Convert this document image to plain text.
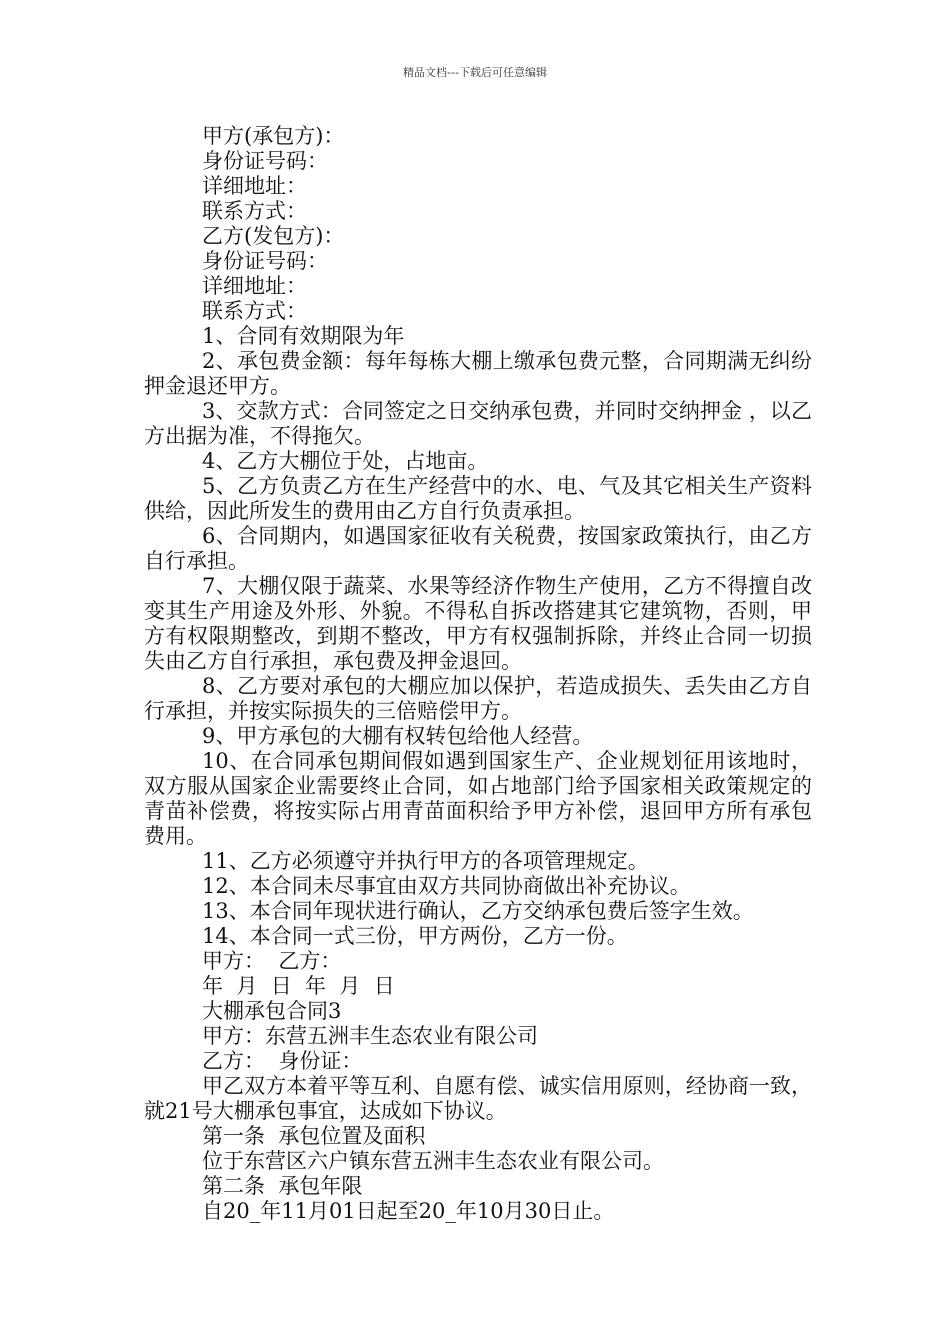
精品文档---下载后可任意编辑
甲方(承包方)：
身份证号码：
详细地址：
联系方式：
乙方(发包方)：
身份证号码：
详细地址：
联系方式：
1、合同有效期限为年
2、承包费金额：每年每栋大棚上缴承包费元整，合同期满无纠纷押金退还甲方。
3、交款方式：合同签定之日交纳承包费，并同时交纳押金 ，以乙方出据为准，不得拖欠。
4、乙方大棚位于处，占地亩。
5、乙方负责乙方在生产经营中的水、电、气及其它相关生产资料供给，因此所发生的费用由乙方自行负责承担。
6、合同期内，如遇国家征收有关税费，按国家政策执行，由乙方自行承担。
7、大棚仅限于蔬菜、水果等经济作物生产使用，乙方不得擅自改变其生产用途及外形、外貌。不得私自拆改搭建其它建筑物，否则，甲方有权限期整改，到期不整改，甲方有权强制拆除，并终止合同一切损失由乙方自行承担，承包费及押金退回。
8、乙方要对承包的大棚应加以保护，若造成损失、丢失由乙方自行承担，并按实际损失的三倍赔偿甲方。
9、甲方承包的大棚有权转包给他人经营。
10、在合同承包期间假如遇到国家生产、企业规划征用该地时，双方服从国家企业需要终止合同，如占地部门给予国家相关政策规定的青苗补偿费，将按实际占用青苗面积给予甲方补偿，退回甲方所有承包费用。
11、乙方必须遵守并执行甲方的各项管理规定。
12、本合同未尽事宜由双方共同协商做出补充协议。
13、本合同年现状进行确认，乙方交纳承包费后签字生效。
14、本合同一式三份，甲方两份，乙方一份。
甲方：  乙方：
年  月  日  年  月  日
大棚承包合同3
甲方：东营五洲丰生态农业有限公司
乙方：  身份证：
甲乙双方本着平等互利、自愿有偿、诚实信用原则，经协商一致，就21号大棚承包事宜，达成如下协议。
第一条  承包位置及面积
位于东营区六户镇东营五洲丰生态农业有限公司。
第二条  承包年限
自20_年11月01日起至20_年10月30日止。
